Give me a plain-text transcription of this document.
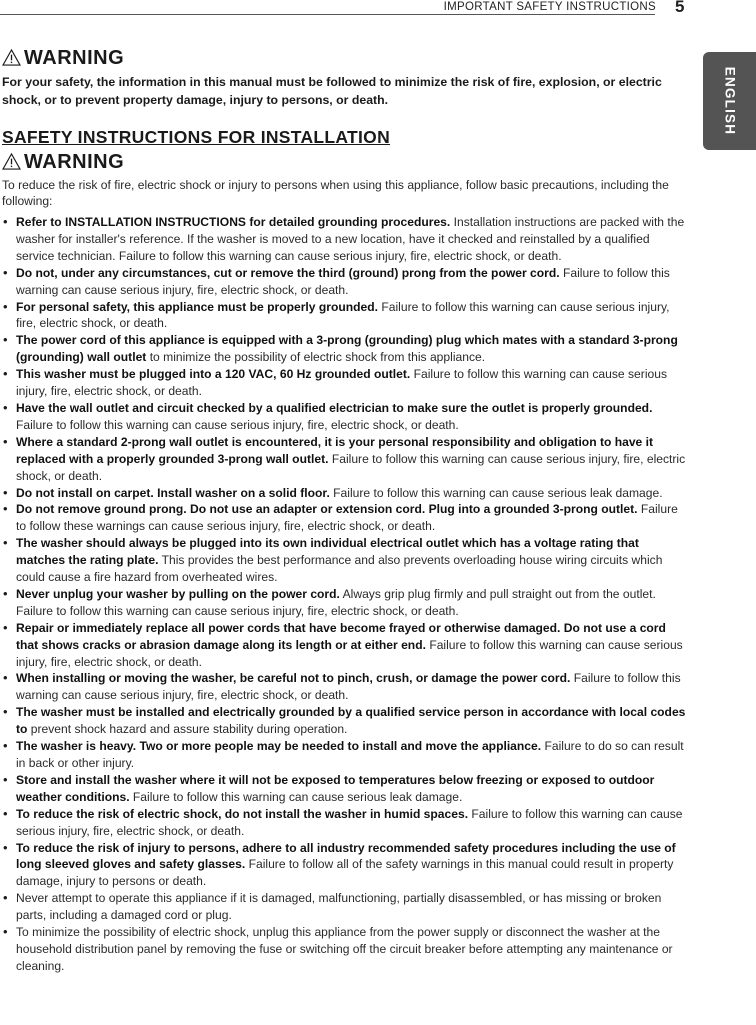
IMPORTANT SAFETY INSTRUCTIONS 5
ENGLISH
WARNING
For your safety, the information in this manual must be followed to minimize the risk of fire, explosion, or electric shock, or to prevent property damage, injury to persons, or death.
SAFETY INSTRUCTIONS FOR INSTALLATION
WARNING
To reduce the risk of fire, electric shock or injury to persons when using this appliance, follow basic precautions, including the following:
• Refer to INSTALLATION INSTRUCTIONS for detailed grounding procedures. Installation instructions are packed with the washer for installer's reference. If the washer is moved to a new location, have it checked and reinstalled by a qualified service technician. Failure to follow this warning can cause serious injury, fire, electric shock, or death.
• Do not, under any circumstances, cut or remove the third (ground) prong from the power cord. Failure to follow this warning can cause serious injury, fire, electric shock, or death.
• For personal safety, this appliance must be properly grounded. Failure to follow this warning can cause serious injury, fire, electric shock, or death.
• The power cord of this appliance is equipped with a 3-prong (grounding) plug which mates with a standard 3-prong (grounding) wall outlet to minimize the possibility of electric shock from this appliance.
• This washer must be plugged into a 120 VAC, 60 Hz grounded outlet. Failure to follow this warning can cause serious injury, fire, electric shock, or death.
• Have the wall outlet and circuit checked by a qualified electrician to make sure the outlet is properly grounded. Failure to follow this warning can cause serious injury, fire, electric shock, or death.
• Where a standard 2-prong wall outlet is encountered, it is your personal responsibility and obligation to have it replaced with a properly grounded 3-prong wall outlet. Failure to follow this warning can cause serious injury, fire, electric shock, or death.
• Do not install on carpet. Install washer on a solid floor. Failure to follow this warning can cause serious leak damage.
• Do not remove ground prong. Do not use an adapter or extension cord. Plug into a grounded 3-prong outlet. Failure to follow these warnings can cause serious injury, fire, electric shock, or death.
• The washer should always be plugged into its own individual electrical outlet which has a voltage rating that matches the rating plate. This provides the best performance and also prevents overloading house wiring circuits which could cause a fire hazard from overheated wires.
• Never unplug your washer by pulling on the power cord. Always grip plug firmly and pull straight out from the outlet. Failure to follow this warning can cause serious injury, fire, electric shock, or death.
• Repair or immediately replace all power cords that have become frayed or otherwise damaged. Do not use a cord that shows cracks or abrasion damage along its length or at either end. Failure to follow this warning can cause serious injury, fire, electric shock, or death.
• When installing or moving the washer, be careful not to pinch, crush, or damage the power cord. Failure to follow this warning can cause serious injury, fire, electric shock, or death.
• The washer must be installed and electrically grounded by a qualified service person in accordance with local codes to prevent shock hazard and assure stability during operation.
• The washer is heavy. Two or more people may be needed to install and move the appliance. Failure to do so can result in back or other injury.
• Store and install the washer where it will not be exposed to temperatures below freezing or exposed to outdoor weather conditions. Failure to follow this warning can cause serious leak damage.
• To reduce the risk of electric shock, do not install the washer in humid spaces. Failure to follow this warning can cause serious injury, fire, electric shock, or death.
• To reduce the risk of injury to persons, adhere to all industry recommended safety procedures including the use of long sleeved gloves and safety glasses. Failure to follow all of the safety warnings in this manual could result in property damage, injury to persons or death.
• Never attempt to operate this appliance if it is damaged, malfunctioning, partially disassembled, or has missing or broken parts, including a damaged cord or plug.
• To minimize the possibility of electric shock, unplug this appliance from the power supply or disconnect the washer at the household distribution panel by removing the fuse or switching off the circuit breaker before attempting any maintenance or cleaning.
